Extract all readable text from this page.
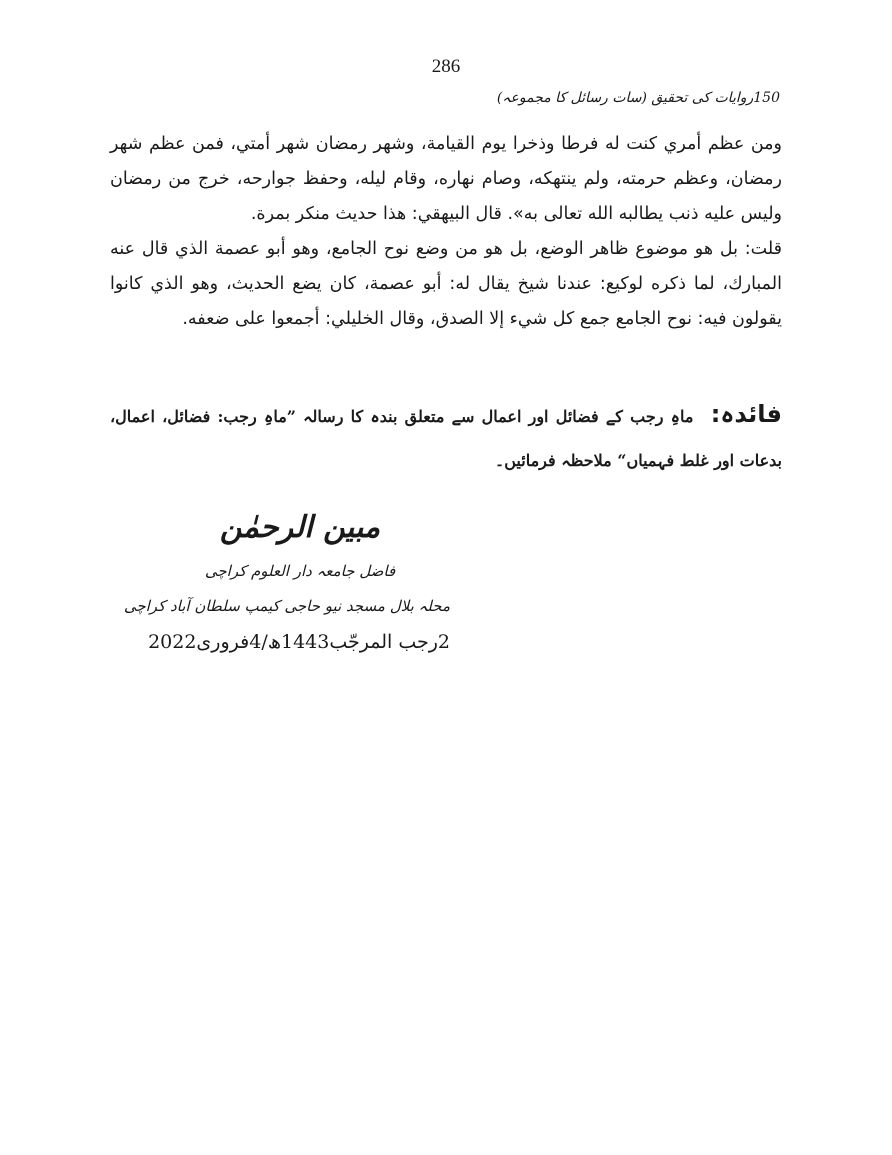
286
150روایات کی تحقیق (سات رسائل کا مجموعہ)

ومن عظم أمري كنت له فرطا وذخرا يوم القيامة، وشهر رمضان شهر أمتي، فمن عظم شهر رمضان، وعظم حرمته، ولم ينتهكه، وصام نهاره، وقام ليله، وحفظ جوارحه، خرج من رمضان وليس عليه ذنب يطالبه الله تعالى به». قال البيهقي: هذا حديث منكر بمرة.

قلت: بل هو موضوع ظاهر الوضع، بل هو من وضع نوح الجامع، وهو أبو عصمة الذي قال عنه المبارك، لما ذكره لوكيع: عندنا شيخ يقال له: أبو عصمة، كان يضع الحديث، وهو الذي كانوا يقولون فيه: نوح الجامع جمع كل شيء إلا الصدق، وقال الخليلي: أجمعوا على ضعفه.

فائدہ: ماہِ رجب کے فضائل اور اعمال سے متعلق بندہ کا رسالہ ”ماہِ رجب: فضائل، اعمال، بدعات اور غلط فہمیاں“ ملاحظہ فرمائیں۔
مبین الرحمٰن
فاضل جامعہ دار العلوم کراچی
محلہ بلال مسجد نیو حاجی کیمپ سلطان آباد کراچی
2رجب المرجّب1443ھ/4فروری2022
